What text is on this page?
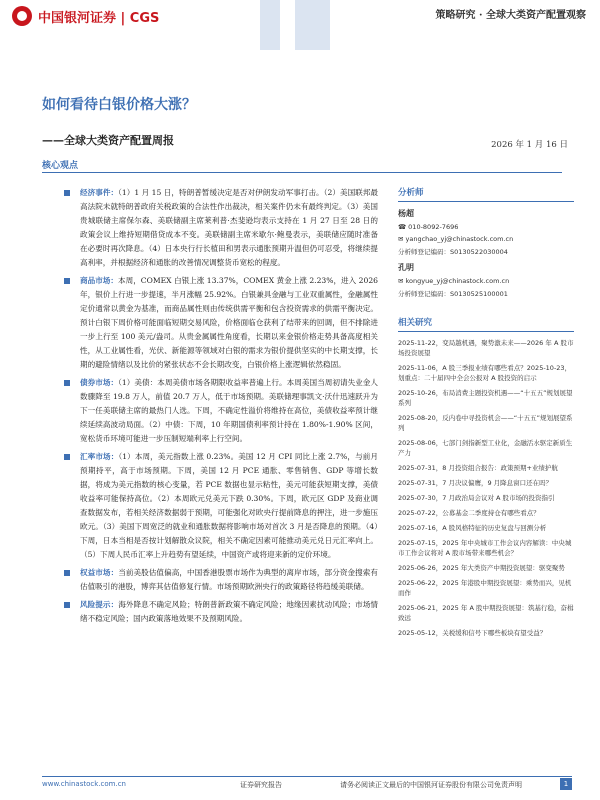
中国银河证券 | CGS	策略研究 · 全球大类资产配置观察
如何看待白银价格大涨？
——全球大类资产配置周报	2026 年 1 月 16 日
核心观点
经济事件：（1）1 月 15 日，特朗普暂缓决定是否对伊朗发动军事打击。（2）美国联邦最高法院未就特朗普政府关税政策的合法性作出裁决，相关案件仍未有最终判定。（3）美国贵城联储主席保尔森、美联储副主席莱利普·杰斐逊均表示支持在 1 月 27 日至 28 日的政策会议上维持短期借贷成本不变。美联储副主席米歇尔·鲍曼表示，美联储应随时准备在必要时再次降息。（4）日本央行行长植田和男表示通胀预期升温但仍可忍受，将继续提高利率，并根据经济和通胀的改善情况调整货币宽松的程度。
商品市场：本周，COMEX 白银上涨 13.37%，COMEX 黄金上涨 2.23%，进入 2026 年，银价上行进一步提速，半月涨幅 25.92%。白银兼具金融与工业双重属性，金融属性定价通常以黄金为基准，而商品属性则由传统供需平衡和包含投资需求的供需平衡决定。预计白银下周价格可能面临短期交易风险，价格面临仓获利了结带来的回调，但不排除进一步上行至 100 美元/盎司。从贵金属属性角度看，长期以来金银价格走势具备高度相关性，从工业属性看，光伏、新能源等领域对白银的需求为银价提供坚实的中长期支撑，长期的避险情绪以及比价的紧张状态不会长期改变，白银价格上涨逻辑依然稳固。
债券市场：（1）美债：本周美债市场各期限收益率普遍上行。本周美国当周初请失业金人数骤降至 19.8 万人，前值 20.7 万人，低于市场预期。美联储理事凯文·沃什迅速跃升为下一任美联储主席的最热门人选。下周，不确定性溢价将维持在高位，美债收益率预计继续延续高波动局面。（2）中债：下周，10 年期国债利率预计持在 1.80%-1.90% 区间，宽松货币环境可能进一步压制短端利率上行空间。
汇率市场：（1）本周，美元指数上涨 0.23%。美国 12 月 CPI 同比上涨 2.7%，与前月预期持平，高于市场预期。下周，美国 12 月 PCE 通胀、零售销售、GDP 等增长数据，将成为美元指数的核心变量，若 PCE 数据也显示粘性，美元可能获短期支撑，美债收益率可能保持高位。（2）本周欧元兑美元下跌 0.30%。下周，欧元区 GDP 及商业调查数据发布，若相关经济数据弱于预期，可能强化对欧央行提前降息的押注，进一步施压欧元。（3）美国下周宽泛的就业和通胀数据将影响市场对首次 3 月是否降息的预期。（4）下周，日本当相是否按计划解散众议院，相关不确定因素可能推动美元兑日元汇率向上。（5）下周人民币汇率上升趋势有望延续，中国资产或将迎来新的定价环境。
权益市场：当前美股估值偏高，中国香港股票市场作为典型的离岸市场，部分资金搜索有估值吸引的港股，博弈其估值修复行情。市场预期欧洲央行的政策路径将趋缓美联储。
风险提示：海外降息不确定风险；特朗普新政策不确定风险；地缘因素扰动风险；市场情绪不稳定风险；国内政策落地效果不及预期风险。
分析师
杨超
☎ 010-8092-7696
✉ yangchao_yj@chinastock.com.cn
分析师登记编码：S0130522030004
孔明
✉ kongyue_yj@chinastock.com.cn
分析师登记编码：S0130525100001
相关研究
2025-11-22，变局越机遇，聚势激未来——2026 年 A 股市场投资展望
2025-11-06，A 股三季报业绩有哪些看点？2025-10-23，划重点：二十届四中全会公报对 A 股投资的启示
2025-10-26，布局消费主题投资机遇——“十五五”规划展望系列
2025-08-20，反内卷中寻投资机会——“十五五”规划展望系列
2025-08-06，七部门剑指新型工业化，金融活水驱定新质生产力
2025-07-31，8 月投资组合报告：政策预期+业绩护航
2025-07-31，7 月决议偏鹰，9 月降息窗口还在吗？
2025-07-30，7 月政治局会议对 A 股市场的投资指引
2025-07-22，公募基金二季度持仓有哪些看点？
2025-07-16，A 股风格特征的历史复盘与回测分析
2025-07-15，2025 年中央城市工作会议内容解读：中央城市工作会议将对 A 股市场带来哪些机会？
2025-06-26，2025 年大类资产中期投资展望：驱变聚势
2025-06-22，2025 年港股中期投资展望：乘势而兴，见机而作
2025-06-21，2025 年 A 股中期投资展望：筑基行稳，奋楫致远
2025-05-12，关税缓和信号下哪些板块有望受益？
www.chinastock.com.cn	证券研究报告	请务必阅读正文最后的中国银河证券股份有限公司免责声明	1
